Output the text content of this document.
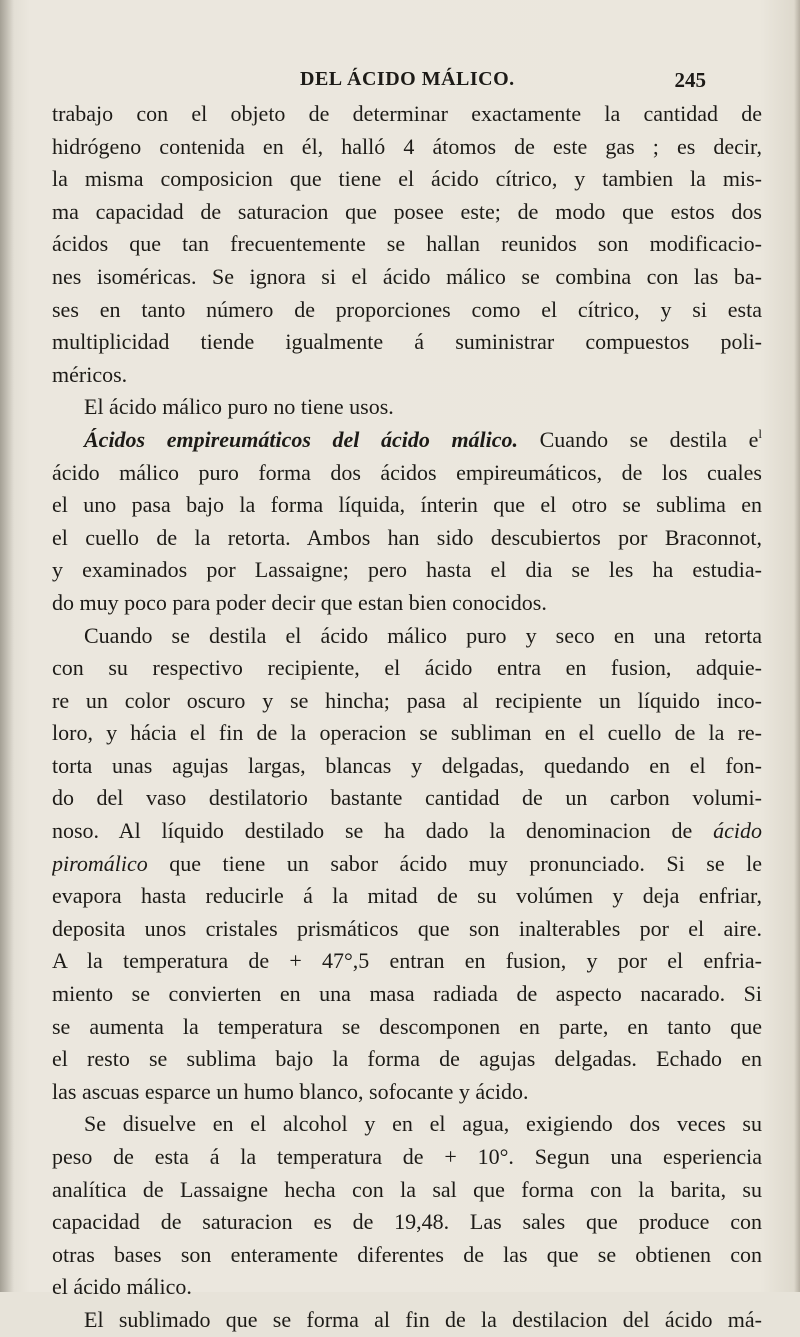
DEL ÁCIDO MÁLICO.	245
trabajo con el objeto de determinar exactamente la cantidad de
hidrógeno contenida en él, halló 4 átomos de este gas ; es decir,
la misma composicion que tiene el ácido cítrico, y tambien la mis-
ma capacidad de saturacion que posee este; de modo que estos dos
ácidos que tan frecuentemente se hallan reunidos son modificacio-
nes isoméricas. Se ignora si el ácido málico se combina con las ba-
ses en tanto número de proporciones como el cítrico, y si esta
multiplicidad tiende igualmente á suministrar compuestos poli-
méricos.
El ácido málico puro no tiene usos.
Ácidos empireumáticos del ácido málico. Cuando se destila $e^l$
ácido málico puro forma dos ácidos empireumáticos, de los cuales
el uno pasa bajo la forma líquida, ínterin que el otro se sublima en
el cuello de la retorta. Ambos han sido descubiertos por Braconnot,
y examinados por Lassaigne; pero hasta el dia se les ha estudia-
do muy poco para poder decir que estan bien conocidos.
Cuando se destila el ácido málico puro y seco en una retorta
con su respectivo recipiente, el ácido entra en fusion, adquie-
re un color oscuro y se hincha; pasa al recipiente un líquido inco-
loro, y hácia el fin de la operacion se subliman en el cuello de la re-
torta unas agujas largas, blancas y delgadas, quedando en el fon-
do del vaso destilatorio bastante cantidad de un carbon volumi-
noso. Al líquido destilado se ha dado la denominacion de ácido
piromálico que tiene un sabor ácido muy pronunciado. Si se le
evapora hasta reducirle á la mitad de su volúmen y deja enfriar,
deposita unos cristales prismáticos que son inalterables por el aire.
A la temperatura de + 47°,5 entran en fusion, y por el enfria-
miento se convierten en una masa radiada de aspecto nacarado. Si
se aumenta la temperatura se descomponen en parte, en tanto que
el resto se sublima bajo la forma de agujas delgadas. Echado en
las ascuas esparce un humo blanco, sofocante y ácido.
Se disuelve en el alcohol y en el agua, exigiendo dos veces su
peso de esta á la temperatura de + 10°. Segun una esperiencia
analítica de Lassaigne hecha con la sal que forma con la barita, su
capacidad de saturacion es de 19,48. Las sales que produce con
otras bases son enteramente diferentes de las que se obtienen con
el ácido málico.
El sublimado que se forma al fin de la destilacion del ácido má-
